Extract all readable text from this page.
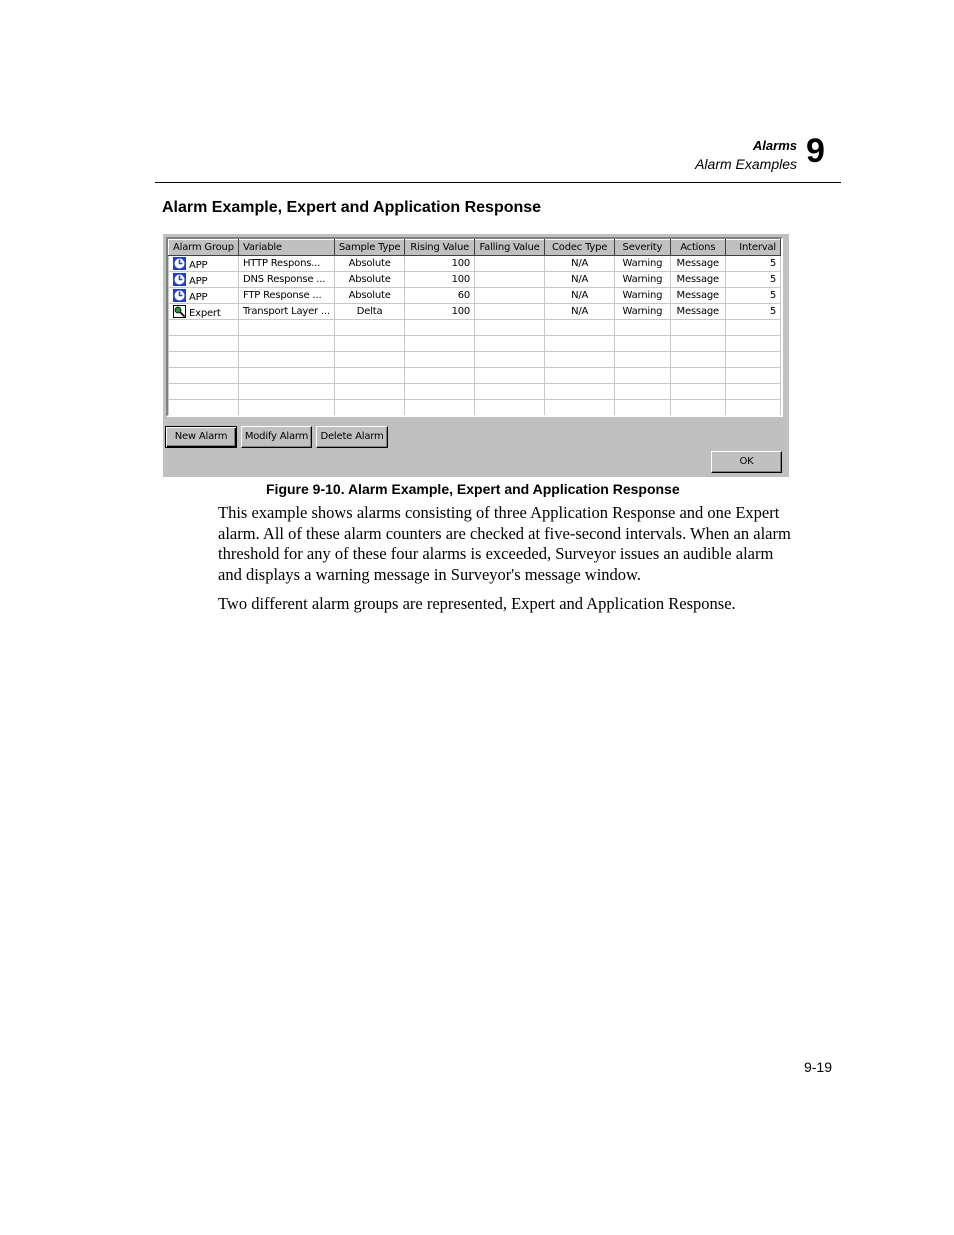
Alarms
Alarm Examples 9
Alarm Example, Expert and Application Response
Alarm Group	Variable	Sample Type	Rising Value	Falling Value	Codec Type	Severity	Actions	Interval
APP	HTTP Respons...	Absolute	100		N/A	Warning	Message	5
APP	DNS Response ...	Absolute	100		N/A	Warning	Message	5
APP	FTP Response ...	Absolute	60		N/A	Warning	Message	5
Expert	Transport Layer ...	Delta	100		N/A	Warning	Message	5

New Alarm	Modify Alarm	Delete Alarm
OK
Figure 9-10. Alarm Example, Expert and Application Response
This example shows alarms consisting of three Application Response and one Expert alarm. All of these alarm counters are checked at five-second intervals. When an alarm threshold for any of these four alarms is exceeded, Surveyor issues an audible alarm and displays a warning message in Surveyor's message window.
Two different alarm groups are represented, Expert and Application Response.
9-19
